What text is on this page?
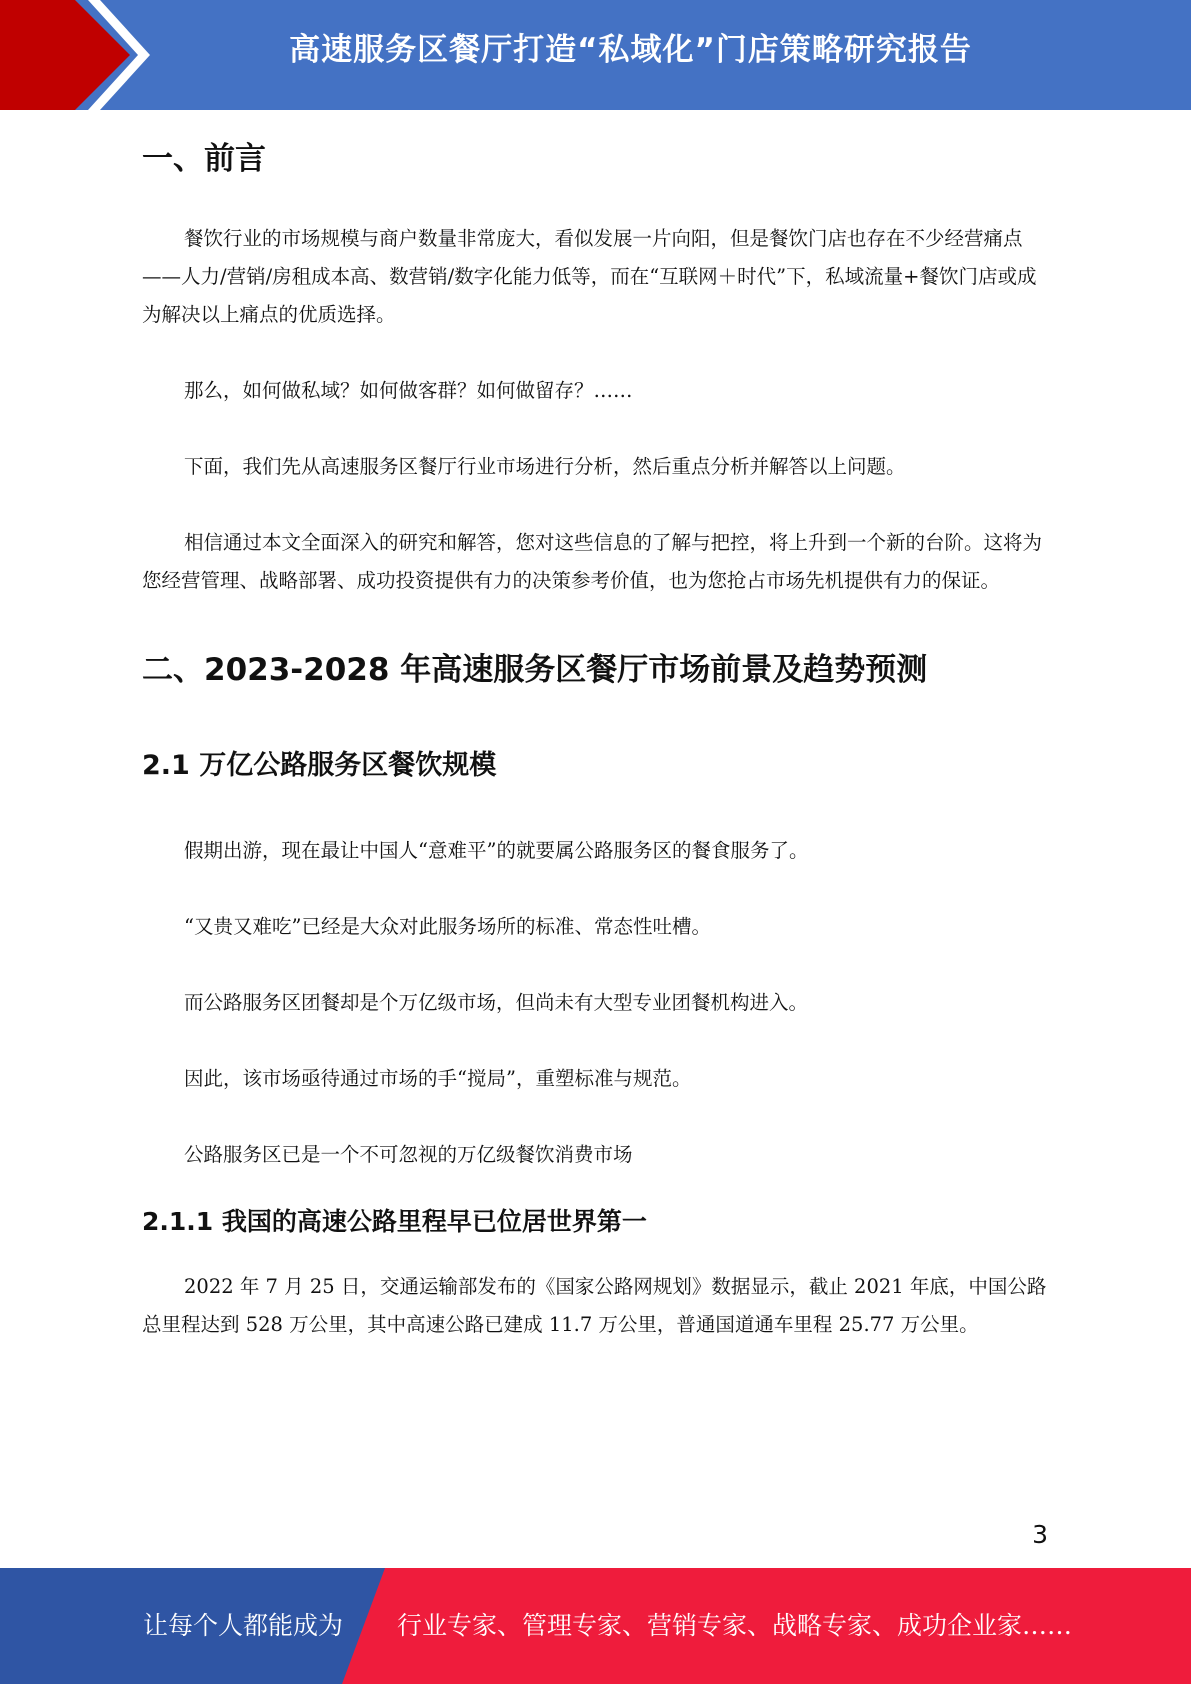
高速服务区餐厅打造“私域化”门店策略研究报告
一、前言

餐饮行业的市场规模与商户数量非常庞大，看似发展一片向阳，但是餐饮门店也存在不少经营痛点——人力/营销/房租成本高、数营销/数字化能力低等，而在“互联网＋时代”下，私域流量+餐饮门店或成为解决以上痛点的优质选择。

那么，如何做私域？如何做客群？如何做留存？……

下面，我们先从高速服务区餐厅行业市场进行分析，然后重点分析并解答以上问题。

相信通过本文全面深入的研究和解答，您对这些信息的了解与把控，将上升到一个新的台阶。这将为您经营管理、战略部署、成功投资提供有力的决策参考价值，也为您抢占市场先机提供有力的保证。

二、2023-2028 年高速服务区餐厅市场前景及趋势预测
2.1 万亿公路服务区餐饮规模

假期出游，现在最让中国人“意难平”的就要属公路服务区的餐食服务了。

“又贵又难吃”已经是大众对此服务场所的标准、常态性吐槽。

而公路服务区团餐却是个万亿级市场，但尚未有大型专业团餐机构进入。

因此，该市场亟待通过市场的手“搅局”，重塑标准与规范。

公路服务区已是一个不可忽视的万亿级餐饮消费市场

2.1.1 我国的高速公路里程早已位居世界第一

2022 年 7 月 25 日，交通运输部发布的《国家公路网规划》数据显示，截止 2021 年底，中国公路总里程达到 528 万公里，其中高速公路已建成 11.7 万公里，普通国道通车里程 25.77 万公里。

3
让每个人都能成为 行业专家、管理专家、营销专家、战略专家、成功企业家……
